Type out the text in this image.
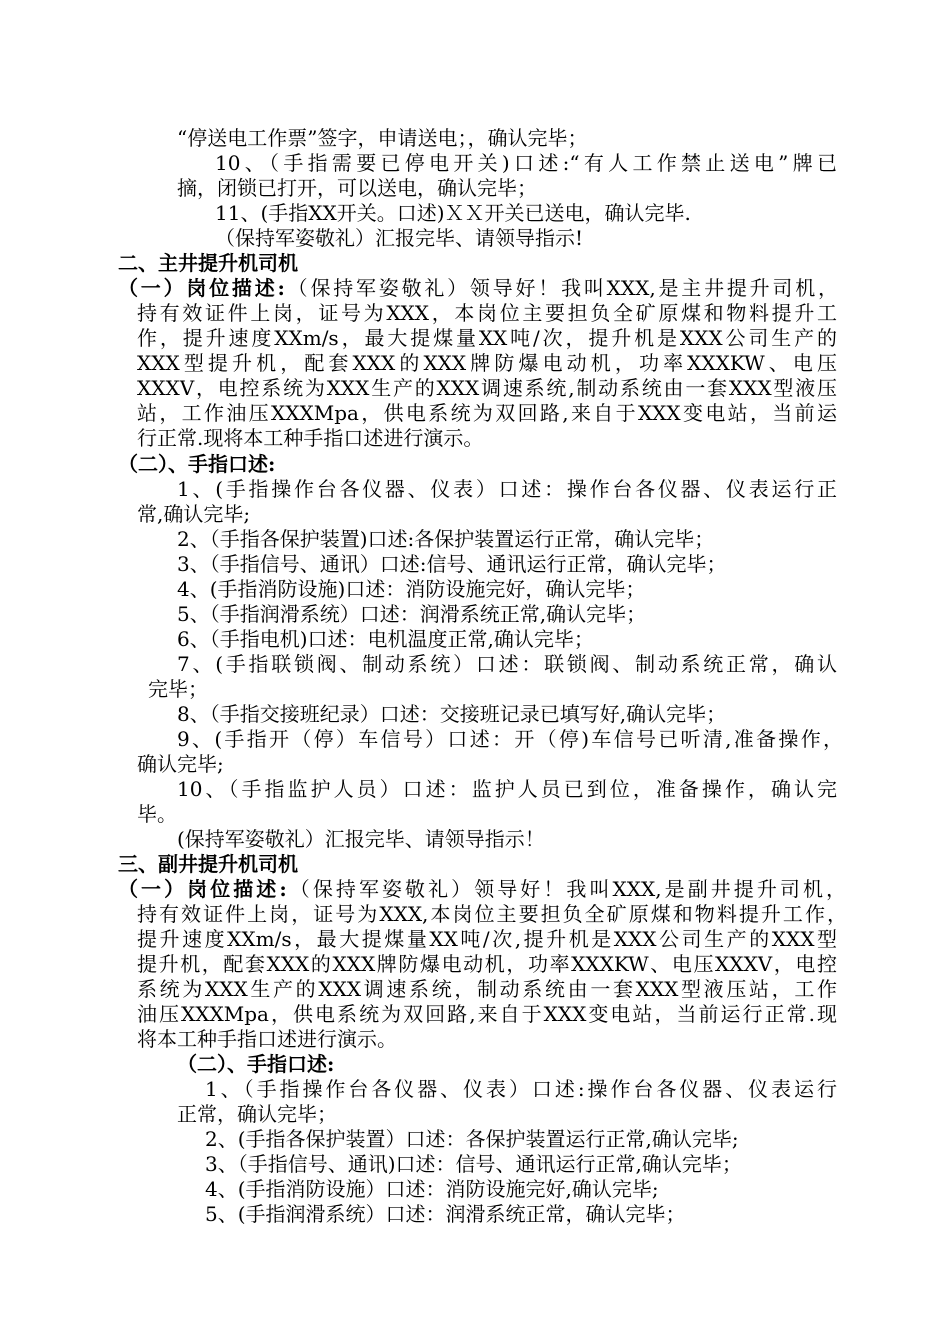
“停送电工作票”签字，申请送电；，确认完毕；

10、（手指需要已停电开关)口述:“有人工作禁止送电”牌已

摘，闭锁已打开，可以送电，确认完毕；

11、(手指XX开关。口述)ＸＸ开关已送电，确认完毕.

（保持军姿敬礼）汇报完毕、请领导指示!

二、主井提升机司机

（一）岗位描述:（保持军姿敬礼）领导好！我叫XXX,是主井提升司机，

持有效证件上岗，证号为XXX，本岗位主要担负全矿原煤和物料提升工

作，提升速度XXm/s，最大提煤量XX吨/次，提升机是XXX公司生产的

XXX型提升机，配套XXX的XXX牌防爆电动机，功率XXXKW、电压

XXXV，电控系统为XXX生产的XXX调速系统,制动系统由一套XXX型液压

站，工作油压XXXMpa，供电系统为双回路,来自于XXX变电站，当前运

行正常.现将本工种手指口述进行演示。

（二）、手指口述:

1、(手指操作台各仪器、仪表）口述：操作台各仪器、仪表运行正

常,确认完毕;

2、（手指各保护装置)口述:各保护装置运行正常，确认完毕；

3、（手指信号、通讯）口述:信号、通讯运行正常，确认完毕；

4、(手指消防设施)口述：消防设施完好，确认完毕；

5、（手指润滑系统）口述：润滑系统正常,确认完毕；

6、（手指电机)口述：电机温度正常,确认完毕；

7、(手指联锁阀、制动系统）口述：联锁阀、制动系统正常，确认

完毕；

8、（手指交接班纪录）口述：交接班记录已填写好,确认完毕；

9、(手指开（停）车信号）口述：开（停)车信号已听清,准备操作，

确认完毕;

10、（手指监护人员）口述：监护人员已到位，准备操作，确认完

毕。

(保持军姿敬礼）汇报完毕、请领导指示！

三、副井提升机司机

（一）岗位描述:（保持军姿敬礼）领导好！我叫XXX,是副井提升司机，

持有效证件上岗，证号为XXX,本岗位主要担负全矿原煤和物料提升工作，

提升速度XXm/s，最大提煤量XX吨/次,提升机是XXX公司生产的XXX型

提升机，配套XXX的XXX牌防爆电动机，功率XXXKW、电压XXXV，电控

系统为XXX生产的XXX调速系统，制动系统由一套XXX型液压站，工作

油压XXXMpa，供电系统为双回路,来自于XXX变电站，当前运行正常.现

将本工种手指口述进行演示。

（二）、手指口述:

1、（手指操作台各仪器、仪表）口述:操作台各仪器、仪表运行

正常，确认完毕；

2、(手指各保护装置）口述：各保护装置运行正常,确认完毕;

3、（手指信号、通讯)口述：信号、通讯运行正常,确认完毕；

4、(手指消防设施）口述：消防设施完好,确认完毕;

5、(手指润滑系统）口述：润滑系统正常，确认完毕；
